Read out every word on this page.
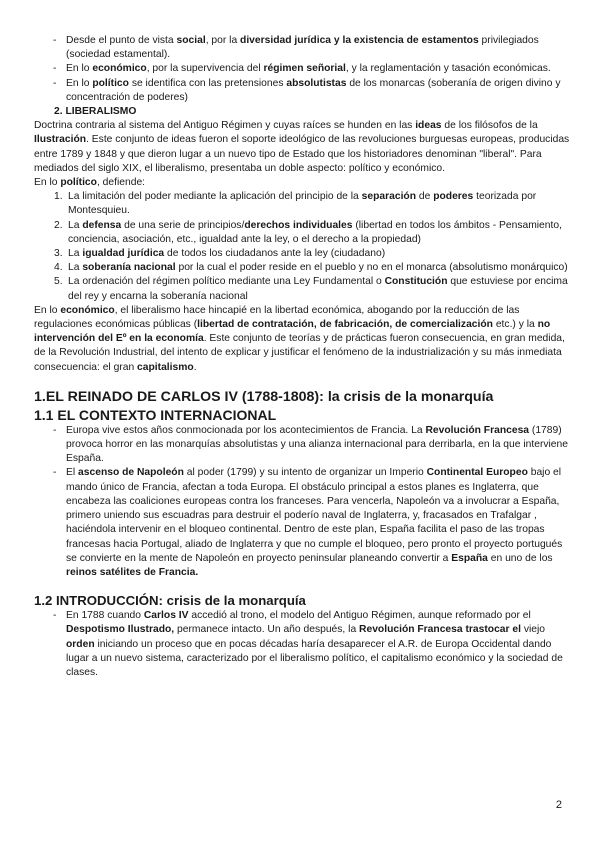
- Desde el punto de vista social, por la diversidad jurídica y la existencia de estamentos privilegiados (sociedad estamental).
- En lo económico, por la supervivencia del régimen señorial, y la reglamentación y tasación económicas.
- En lo político se identifica con las pretensiones absolutistas de los monarcas (soberanía de origen divino y concentración de poderes)

2. LIBERALISMO

Doctrina contraria al sistema del Antiguo Régimen y cuyas raíces se hunden en las ideas de los filósofos de la Ilustración. Este conjunto de ideas fueron el soporte ideológico de las revoluciones burguesas europeas, producidas entre 1789 y 1848 y que dieron lugar a un nuevo tipo de Estado que los historiadores denominan "liberal". Para mediados del siglo XIX, el liberalismo, presentaba un doble aspecto: político y económico.

En lo político, defiende:

1. La limitación del poder mediante la aplicación del principio de la separación de poderes teorizada por Montesquieu.
2. La defensa de una serie de principios/derechos individuales (libertad en todos los ámbitos - Pensamiento, conciencia, asociación, etc., igualdad ante la ley, o el derecho a la propiedad)
3. La igualdad jurídica de todos los ciudadanos ante la ley (ciudadano)
4. La soberanía nacional por la cual el poder reside en el pueblo y no en el monarca (absolutismo monárquico)
5. La ordenación del régimen político mediante una Ley Fundamental o Constitución que estuviese por encima del rey y encarna la soberanía nacional

En lo económico, el liberalismo hace hincapié en la libertad económica, abogando por la reducción de las regulaciones económicas públicas (libertad de contratación, de fabricación, de comercialización etc.) y la no intervención del Eº en la economía. Este conjunto de teorías y de prácticas fueron consecuencia, en gran medida, de la Revolución Industrial, del intento de explicar y justificar el fenómeno de la industrialización y su más inmediata consecuencia: el gran capitalismo.

1.EL REINADO DE CARLOS IV (1788-1808): la crisis de la monarquía
1.1 EL CONTEXTO INTERNACIONAL
- Europa vive estos años conmocionada por los acontecimientos de Francia. La Revolución Francesa (1789) provoca horror en las monarquías absolutistas y una alianza internacional para derribarla, en la que interviene España.
- El ascenso de Napoleón al poder (1799) y su intento de organizar un Imperio Continental Europeo bajo el mando único de Francia, afectan a toda Europa. El obstáculo principal a estos planes es Inglaterra, que encabeza las coaliciones europeas contra los franceses. Para vencerla, Napoleón va a involucrar a España, primero uniendo sus escuadras para destruir el poderío naval de Inglaterra, y, fracasados en Trafalgar , haciéndola intervenir en el bloqueo continental. Dentro de este plan, España facilita el paso de las tropas francesas hacia Portugal, aliado de Inglaterra y que no cumple el bloqueo, pero pronto el proyecto portugués se convierte en la mente de Napoleón en proyecto peninsular planeando convertir a España en uno de los reinos satélites de Francia.
1.2 INTRODUCCIÓN: crisis de la monarquía
- En 1788 cuando Carlos IV accedió al trono, el modelo del Antiguo Régimen, aunque reformado por el Despotismo Ilustrado, permanece intacto. Un año después, la Revolución Francesa trastocar el viejo orden iniciando un proceso que en pocas décadas haría desaparecer el A.R. de Europa Occidental dando lugar a un nuevo sistema, caracterizado por el liberalismo político, el capitalismo económico y la sociedad de clases.
2
